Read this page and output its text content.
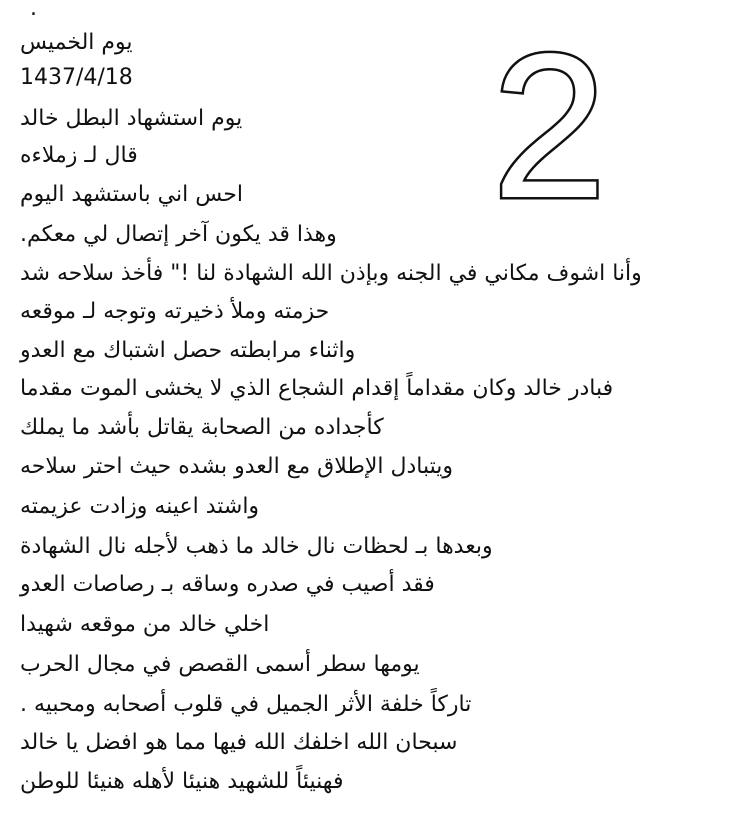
.
2
يوم الخميس
1437/4/18
يوم استشهاد البطل خالد
قال لـ زملاءه
احس اني باستشهد اليوم
وهذا قد يكون آخر إتصال لي معكم.
وأنا اشوف مكاني في الجنه وبإذن الله الشهادة لنا !" فأخذ سلاحه شد
حزمته وملأ ذخيرته وتوجه لـ موقعه
واثناء مرابطته حصل اشتباك مع العدو
فبادر خالد وكان مقداماً إقدام الشجاع الذي لا يخشى الموت مقدما
كأجداده من الصحابة يقاتل بأشد ما يملك
ويتبادل الإطلاق مع العدو بشده حيث احتر سلاحه
واشتد اعينه وزادت عزيمته
وبعدها بـ لحظات نال خالد ما ذهب لأجله نال الشهادة
فقد أصيب في صدره وساقه بـ رصاصات العدو
اخلي خالد من موقعه شهيدا
يومها سطر أسمى القصص في مجال الحرب
تاركاً خلفة الأثر الجميل في قلوب أصحابه ومحبيه .
سبحان الله اخلفك الله فيها مما هو افضل يا خالد
فهنيئاً للشهيد هنيئا لأهله هنيئا للوطن
